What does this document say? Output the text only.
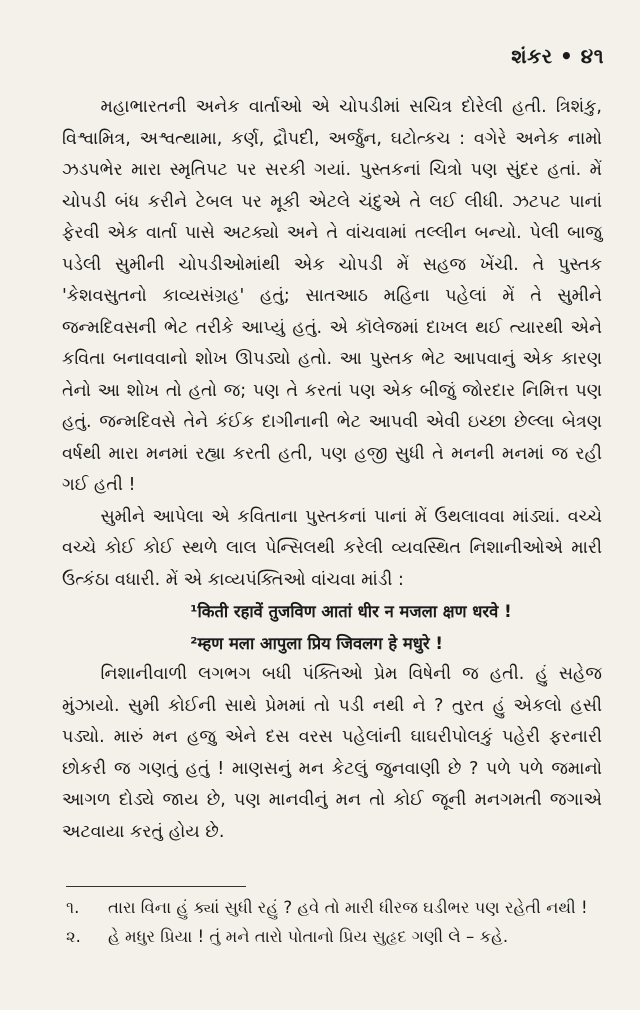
શંકર • ૪૧

મહાભારતની અનેક વાર્તાઓ એ ચોપડીમાં સચિત્ર દોરેલી હતી. ત્રિશંકુ, વિશ્વામિત્ર, અશ્વત્થામા, કર્ણ, દ્રૌપદી, અર્જુન, ઘટોત્કચ : વગેરે અનેક નામો ઝડપભેર મારા સ્મૃતિપટ પર સરકી ગયાં. પુસ્તકનાં ચિત્રો પણ સુંદર હતાં. મેં ચોપડી બંધ કરીને ટેબલ પર મૂકી એટલે ચંદુએ તે લઈ લીધી. ઝટપટ પાનાં ફેરવી એક વાર્તા પાસે અટક્યો અને તે વાંચવામાં તલ્લીન બન્યો. પેલી બાજુ પડેલી સુમીની ચોપડીઓમાંથી એક ચોપડી મેં સહજ ખેંચી. તે પુસ્તક 'કેશવસુતનો કાવ્યસંગ્રહ' હતું; સાતઆઠ મહિના પહેલાં મેં તે સુમીને જન્મદિવસની ભેટ તરીકે આપ્યું હતું. એ કૉલેજમાં દાખલ થઈ ત્યારથી એને કવિતા બનાવવાનો શોખ ઊપડ્યો હતો. આ પુસ્તક ભેટ આપવાનું એક કારણ તેનો આ શોખ તો હતો જ; પણ તે કરતાં પણ એક બીજું જોરદાર નિમિત્ત પણ હતું. જન્મદિવસે તેને કંઈક દાગીનાની ભેટ આપવી એવી ઇચ્છા છેલ્લા બેત્રણ વર્ષથી મારા મનમાં રહ્યા કરતી હતી, પણ હજી સુધી તે મનની મનમાં જ રહી ગઈ હતી !

સુમીને આપેલા એ કવિતાના પુસ્તકનાં પાનાં મેં ઉથલાવવા માંડ્યાં. વચ્ચે વચ્ચે કોઈ કોઈ સ્થળે લાલ પેન્સિલથી કરેલી વ્યવસ્થિત નિશાનીઓએ મારી ઉત્કંઠા વધારી. મેં એ કાવ્યપંક્તિઓ વાંચવા માંડી :

¹किती रहावें तुजविण आतां धीर न मजला क्षण धरवे !

²म्हण मला आपुला प्रिय जिवलग हे मधुरे !

નિશાનીવાળી લગભગ બધી પંક્તિઓ પ્રેમ વિષેની જ હતી. હું સહેજ મુંઝાયો. સુમી કોઈની સાથે પ્રેમમાં તો પડી નથી ને ? તુરત હું એકલો હસી પડ્યો. મારું મન હજુ એને દસ વરસ પહેલાંની ઘાઘરીપોલકું પહેરી ફરનારી છોકરી જ ગણતું હતું ! માણસનું મન કેટલું જુનવાણી છે ? પળે પળે જમાનો આગળ દોડ્યે જાય છે, પણ માનવીનું મન તો કોઈ જૂની મનગમતી જગાએ અટવાયા કરતું હોય છે.

૧.	તારા વિના હું ક્યાં સુધી રહું ? હવે તો મારી ધીરજ ઘડીભર પણ રહેતી નથી !
૨.	હે મધુર પ્રિયા ! તું મને તારો પોતાનો પ્રિય સુહૃદ ગણી લે – કહે.
